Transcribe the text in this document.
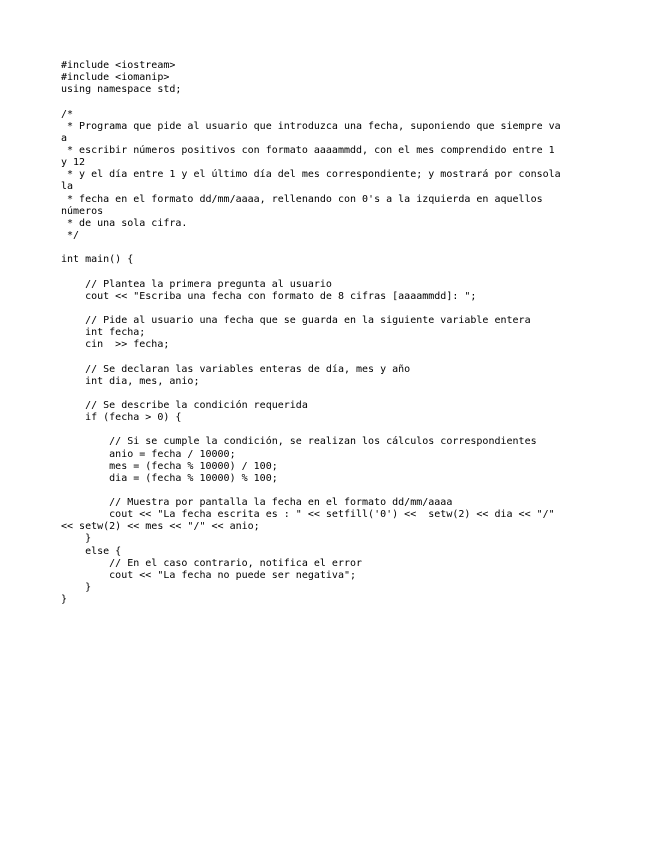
#include <iostream>
#include <iomanip>
using namespace std;
/*
* Programa que pide al usuario que introduzca una fecha, suponiendo que siempre va
a
* escribir números positivos con formato aaaammdd, con el mes comprendido entre 1
y 12
* y el día entre 1 y el último día del mes correspondiente; y mostrará por consola
la
* fecha en el formato dd/mm/aaaa, rellenando con 0's a la izquierda en aquellos
números
* de una sola cifra.
*/
int main() {
// Plantea la primera pregunta al usuario
cout << "Escriba una fecha con formato de 8 cifras [aaaammdd]: ";
// Pide al usuario una fecha que se guarda en la siguiente variable entera
int fecha;
cin  >> fecha;
// Se declaran las variables enteras de día, mes y año
int dia, mes, anio;
// Se describe la condición requerida
if (fecha > 0) {
// Si se cumple la condición, se realizan los cálculos correspondientes
anio = fecha / 10000;
mes = (fecha % 10000) / 100;
dia = (fecha % 10000) % 100;
// Muestra por pantalla la fecha en el formato dd/mm/aaaa
cout << "La fecha escrita es : " << setfill('0') <<  setw(2) << dia << "/"
<< setw(2) << mes << "/" << anio;
}
else {
// En el caso contrario, notifica el error
cout << "La fecha no puede ser negativa";
}
}
